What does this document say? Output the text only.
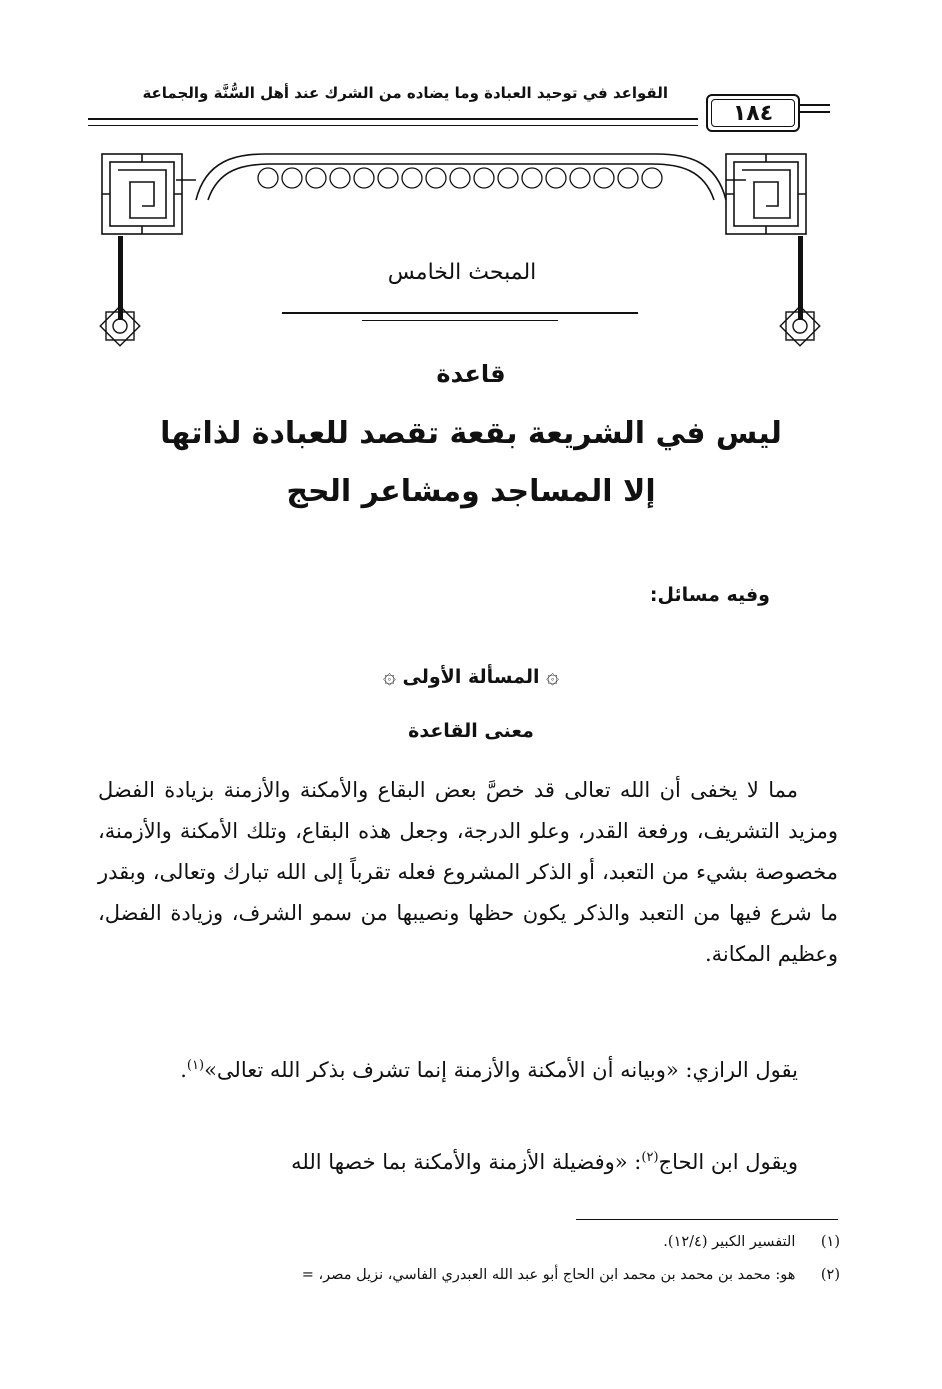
القواعد في توحيد العبادة وما يضاده من الشرك عند أهل السُّنَّة والجماعة
١٨٤
المبحث الخامس
قاعدة
ليس في الشريعة بقعة تقصد للعبادة لذاتها
إلا المساجد ومشاعر الحج
وفيه مسائل:
۞ المسألة الأولى ۞
معنى القاعدة
مما لا يخفى أن الله تعالى قد خصَّ بعض البقاع والأمكنة والأزمنة بزيادة الفضل ومزيد التشريف، ورفعة القدر، وعلو الدرجة، وجعل هذه البقاع، وتلك الأمكنة والأزمنة، مخصوصة بشيء من التعبد، أو الذكر المشروع فعله تقرباً إلى الله تبارك وتعالى، وبقدر ما شرع فيها من التعبد والذكر يكون حظها ونصيبها من سمو الشرف، وزيادة الفضل، وعظيم المكانة.
يقول الرازي: «وبيانه أن الأمكنة والأزمنة إنما تشرف بذكر الله تعالى»$^{(١)}$.
ويقول ابن الحاج$^{(٢)}$: «وفضيلة الأزمنة والأمكنة بما خصها الله
(١) التفسير الكبير (١٢/٤).
(٢) هو: محمد بن محمد بن محمد ابن الحاج أبو عبد الله العبدري الفاسي، نزيل مصر، =
